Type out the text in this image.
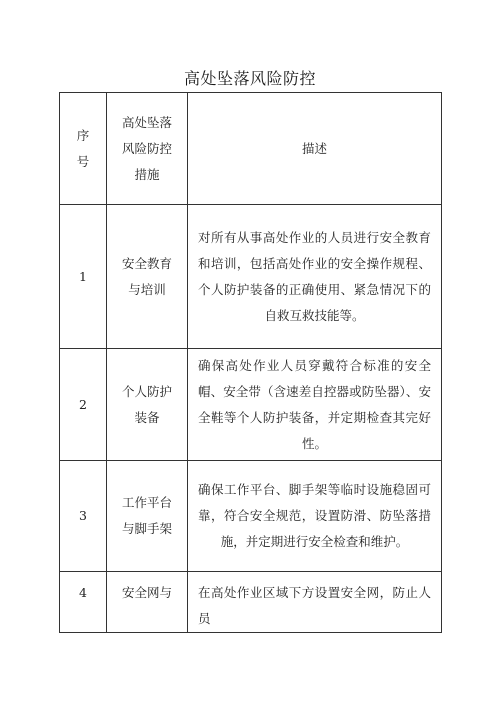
高处坠落风险防控
序号	高处坠落风险防控措施	描述
1	安全教育与培训	对所有从事高处作业的人员进行安全教育和培训，包括高处作业的安全操作规程、个人防护装备的正确使用、紧急情况下的自救互救技能等。

2	个人防护装备	确保高处作业人员穿戴符合标准的安全帽、安全带（含速差自控器或防坠器）、安全鞋等个人防护装备，并定期检查其完好性。

3	工作平台与脚手架	确保工作平台、脚手架等临时设施稳固可靠，符合安全规范，设置防滑、防坠落措施，并定期进行安全检查和维护。

4	安全网与	在高处作业区域下方设置安全网，防止人员
